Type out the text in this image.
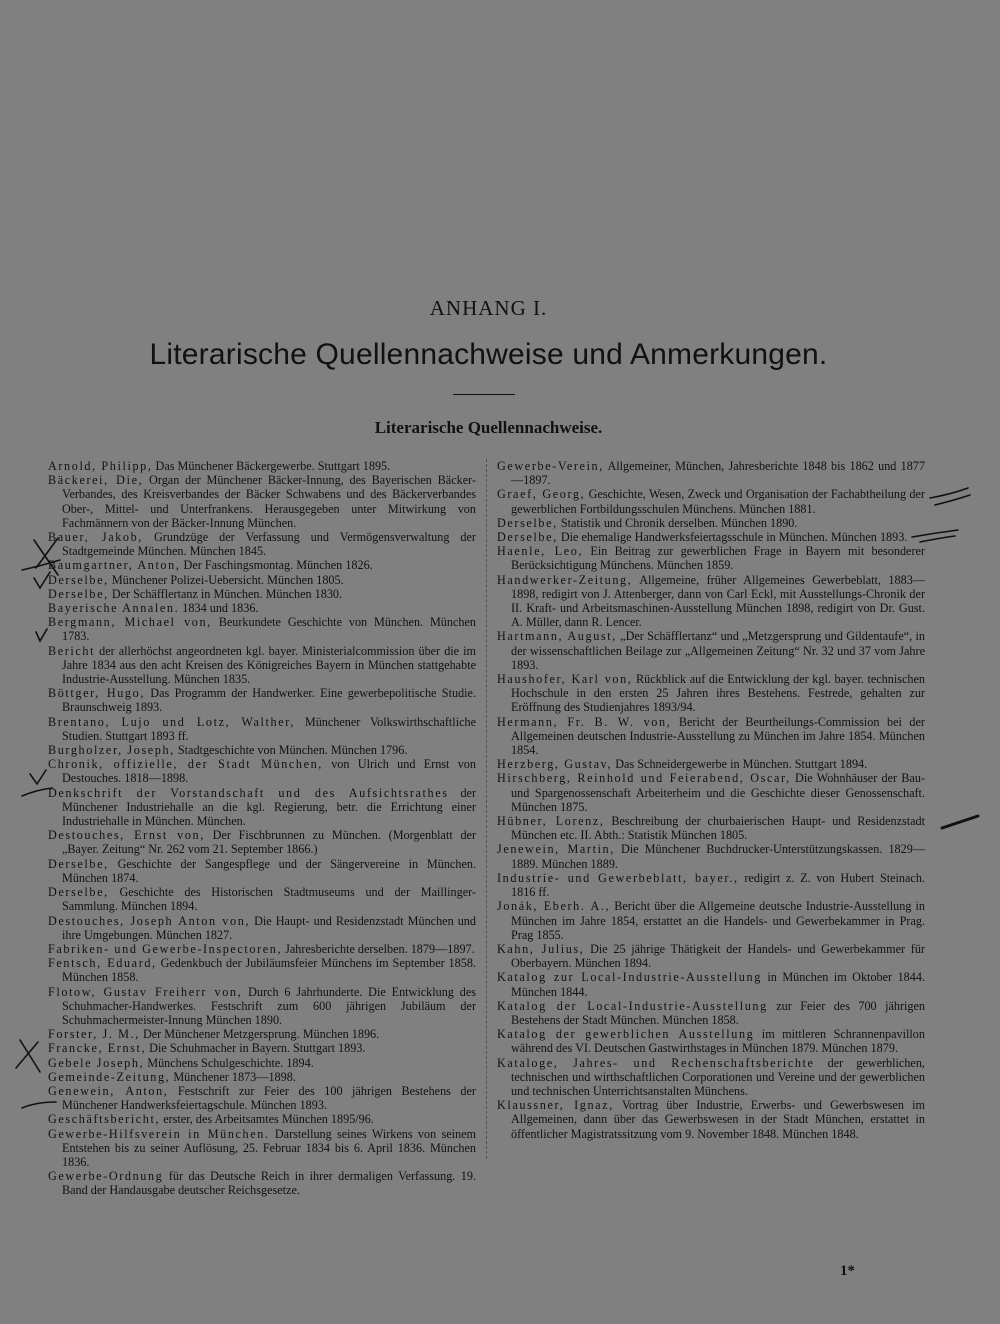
ANHANG I.
Literarische Quellennachweise und Anmerkungen.
Literarische Quellennachweise.

Arnold, Philipp, Das Münchener Bäckergewerbe. Stuttgart 1895.

Bäckerei, Die, Organ der Münchener Bäcker-Innung, des Bayerischen Bäcker-Verbandes, des Kreisverbandes der Bäcker Schwabens und des Bäckerverbandes Ober-, Mittel- und Unterfrankens. Herausgegeben unter Mitwirkung von Fachmännern von der Bäcker-Innung München.

Bauer, Jakob, Grundzüge der Verfassung und Vermögensverwaltung der Stadtgemeinde München. München 1845.

Baumgartner, Anton, Der Faschingsmontag. München 1826.

Derselbe, Münchener Polizei-Uebersicht. München 1805.

Derselbe, Der Schäfflertanz in München. München 1830.

Bayerische Annalen. 1834 und 1836.

Bergmann, Michael von, Beurkundete Geschichte von München. München 1783.

Bericht der allerhöchst angeordneten kgl. bayer. Ministerialcommission über die im Jahre 1834 aus den acht Kreisen des Königreiches Bayern in München stattgehabte Industrie-Ausstellung. München 1835.

Böttger, Hugo, Das Programm der Handwerker. Eine gewerbepolitische Studie. Braunschweig 1893.

Brentano, Lujo und Lotz, Walther, Münchener Volkswirthschaftliche Studien. Stuttgart 1893 ff.

Burgholzer, Joseph, Stadtgeschichte von München. München 1796.

Chronik, offizielle, der Stadt München, von Ulrich und Ernst von Destouches. 1818—1898.

Denkschrift der Vorstandschaft und des Aufsichtsrathes der Münchener Industriehalle an die kgl. Regierung, betr. die Errichtung einer Industriehalle in München. München.

Destouches, Ernst von, Der Fischbrunnen zu München. (Morgenblatt der „Bayer. Zeitung“ Nr. 262 vom 21. September 1866.)

Derselbe, Geschichte der Sangespflege und der Sängervereine in München. München 1874.

Derselbe, Geschichte des Historischen Stadtmuseums und der Maillinger-Sammlung. München 1894.

Destouches, Joseph Anton von, Die Haupt- und Residenzstadt München und ihre Umgebungen. München 1827.

Fabriken- und Gewerbe-Inspectoren, Jahresberichte derselben. 1879—1897.

Fentsch, Eduard, Gedenkbuch der Jubiläumsfeier Münchens im September 1858. München 1858.

Flotow, Gustav Freiherr von, Durch 6 Jahrhunderte. Die Entwicklung des Schuhmacher-Handwerkes. Festschrift zum 600 jährigen Jubiläum der Schuhmachermeister-Innung München 1890.

Forster, J. M., Der Münchener Metzgersprung. München 1896.

Francke, Ernst, Die Schuhmacher in Bayern. Stuttgart 1893.

Gebele Joseph, Münchens Schulgeschichte. 1894.

Gemeinde-Zeitung, Münchener 1873—1898.

Genewein, Anton, Festschrift zur Feier des 100 jährigen Bestehens der Münchener Handwerksfeiertagschule. München 1893.

Geschäftsbericht, erster, des Arbeitsamtes München 1895/96.

Gewerbe-Hilfsverein in München. Darstellung seines Wirkens von seinem Entstehen bis zu seiner Auflösung, 25. Februar 1834 bis 6. April 1836. München 1836.

Gewerbe-Ordnung für das Deutsche Reich in ihrer dermaligen Verfassung. 19. Band der Handausgabe deutscher Reichsgesetze.

Gewerbe-Verein, Allgemeiner, München, Jahresberichte 1848 bis 1862 und 1877—1897.

Graef, Georg, Geschichte, Wesen, Zweck und Organisation der Fachabtheilung der gewerblichen Fortbildungsschulen Münchens. München 1881.

Derselbe, Statistik und Chronik derselben. München 1890.

Derselbe, Die ehemalige Handwerksfeiertagsschule in München. München 1893.

Haenle, Leo, Ein Beitrag zur gewerblichen Frage in Bayern mit besonderer Berücksichtigung Münchens. München 1859.

Handwerker-Zeitung, Allgemeine, früher Allgemeines Gewerbeblatt, 1883—1898, redigirt von J. Attenberger, dann von Carl Eckl, mit Ausstellungs-Chronik der II. Kraft- und Arbeitsmaschinen-Ausstellung München 1898, redigirt von Dr. Gust. A. Müller, dann R. Lencer.

Hartmann, August, „Der Schäfflertanz“ und „Metzgersprung und Gildentaufe“, in der wissenschaftlichen Beilage zur „Allgemeinen Zeitung“ Nr. 32 und 37 vom Jahre 1893.

Haushofer, Karl von, Rückblick auf die Entwicklung der kgl. bayer. technischen Hochschule in den ersten 25 Jahren ihres Bestehens. Festrede, gehalten zur Eröffnung des Studienjahres 1893/94.

Hermann, Fr. B. W. von, Bericht der Beurtheilungs-Commission bei der Allgemeinen deutschen Industrie-Ausstellung zu München im Jahre 1854. München 1854.

Herzberg, Gustav, Das Schneidergewerbe in München. Stuttgart 1894.

Hirschberg, Reinhold und Feierabend, Oscar, Die Wohnhäuser der Bau- und Spargenossenschaft Arbeiterheim und die Geschichte dieser Genossenschaft. München 1875.

Hübner, Lorenz, Beschreibung der churbaierischen Haupt- und Residenzstadt München etc. II. Abth.: Statistik München 1805.

Jenewein, Martin, Die Münchener Buchdrucker-Unterstützungskassen. 1829—1889. München 1889.

Industrie- und Gewerbeblatt, bayer., redigirt z. Z. von Hubert Steinach. 1816 ff.

Jonák, Eberh. A., Bericht über die Allgemeine deutsche Industrie-Ausstellung in München im Jahre 1854, erstattet an die Handels- und Gewerbekammer in Prag. Prag 1855.

Kahn, Julius, Die 25 jährige Thätigkeit der Handels- und Gewerbekammer für Oberbayern. München 1894.

Katalog zur Local-Industrie-Ausstellung in München im Oktober 1844. München 1844.

Katalog der Local-Industrie-Ausstellung zur Feier des 700 jährigen Bestehens der Stadt München. München 1858.

Katalog der gewerblichen Ausstellung im mittleren Schrannenpavillon während des VI. Deutschen Gastwirthstages in München 1879. München 1879.

Kataloge, Jahres- und Rechenschaftsberichte der gewerblichen, technischen und wirthschaftlichen Corporationen und Vereine und der gewerblichen und technischen Unterrichtsanstalten Münchens.

Klaussner, Ignaz, Vortrag über Industrie, Erwerbs- und Gewerbswesen im Allgemeinen, dann über das Gewerbswesen in der Stadt München, erstattet in öffentlicher Magistratssitzung vom 9. November 1848. München 1848.

1*
